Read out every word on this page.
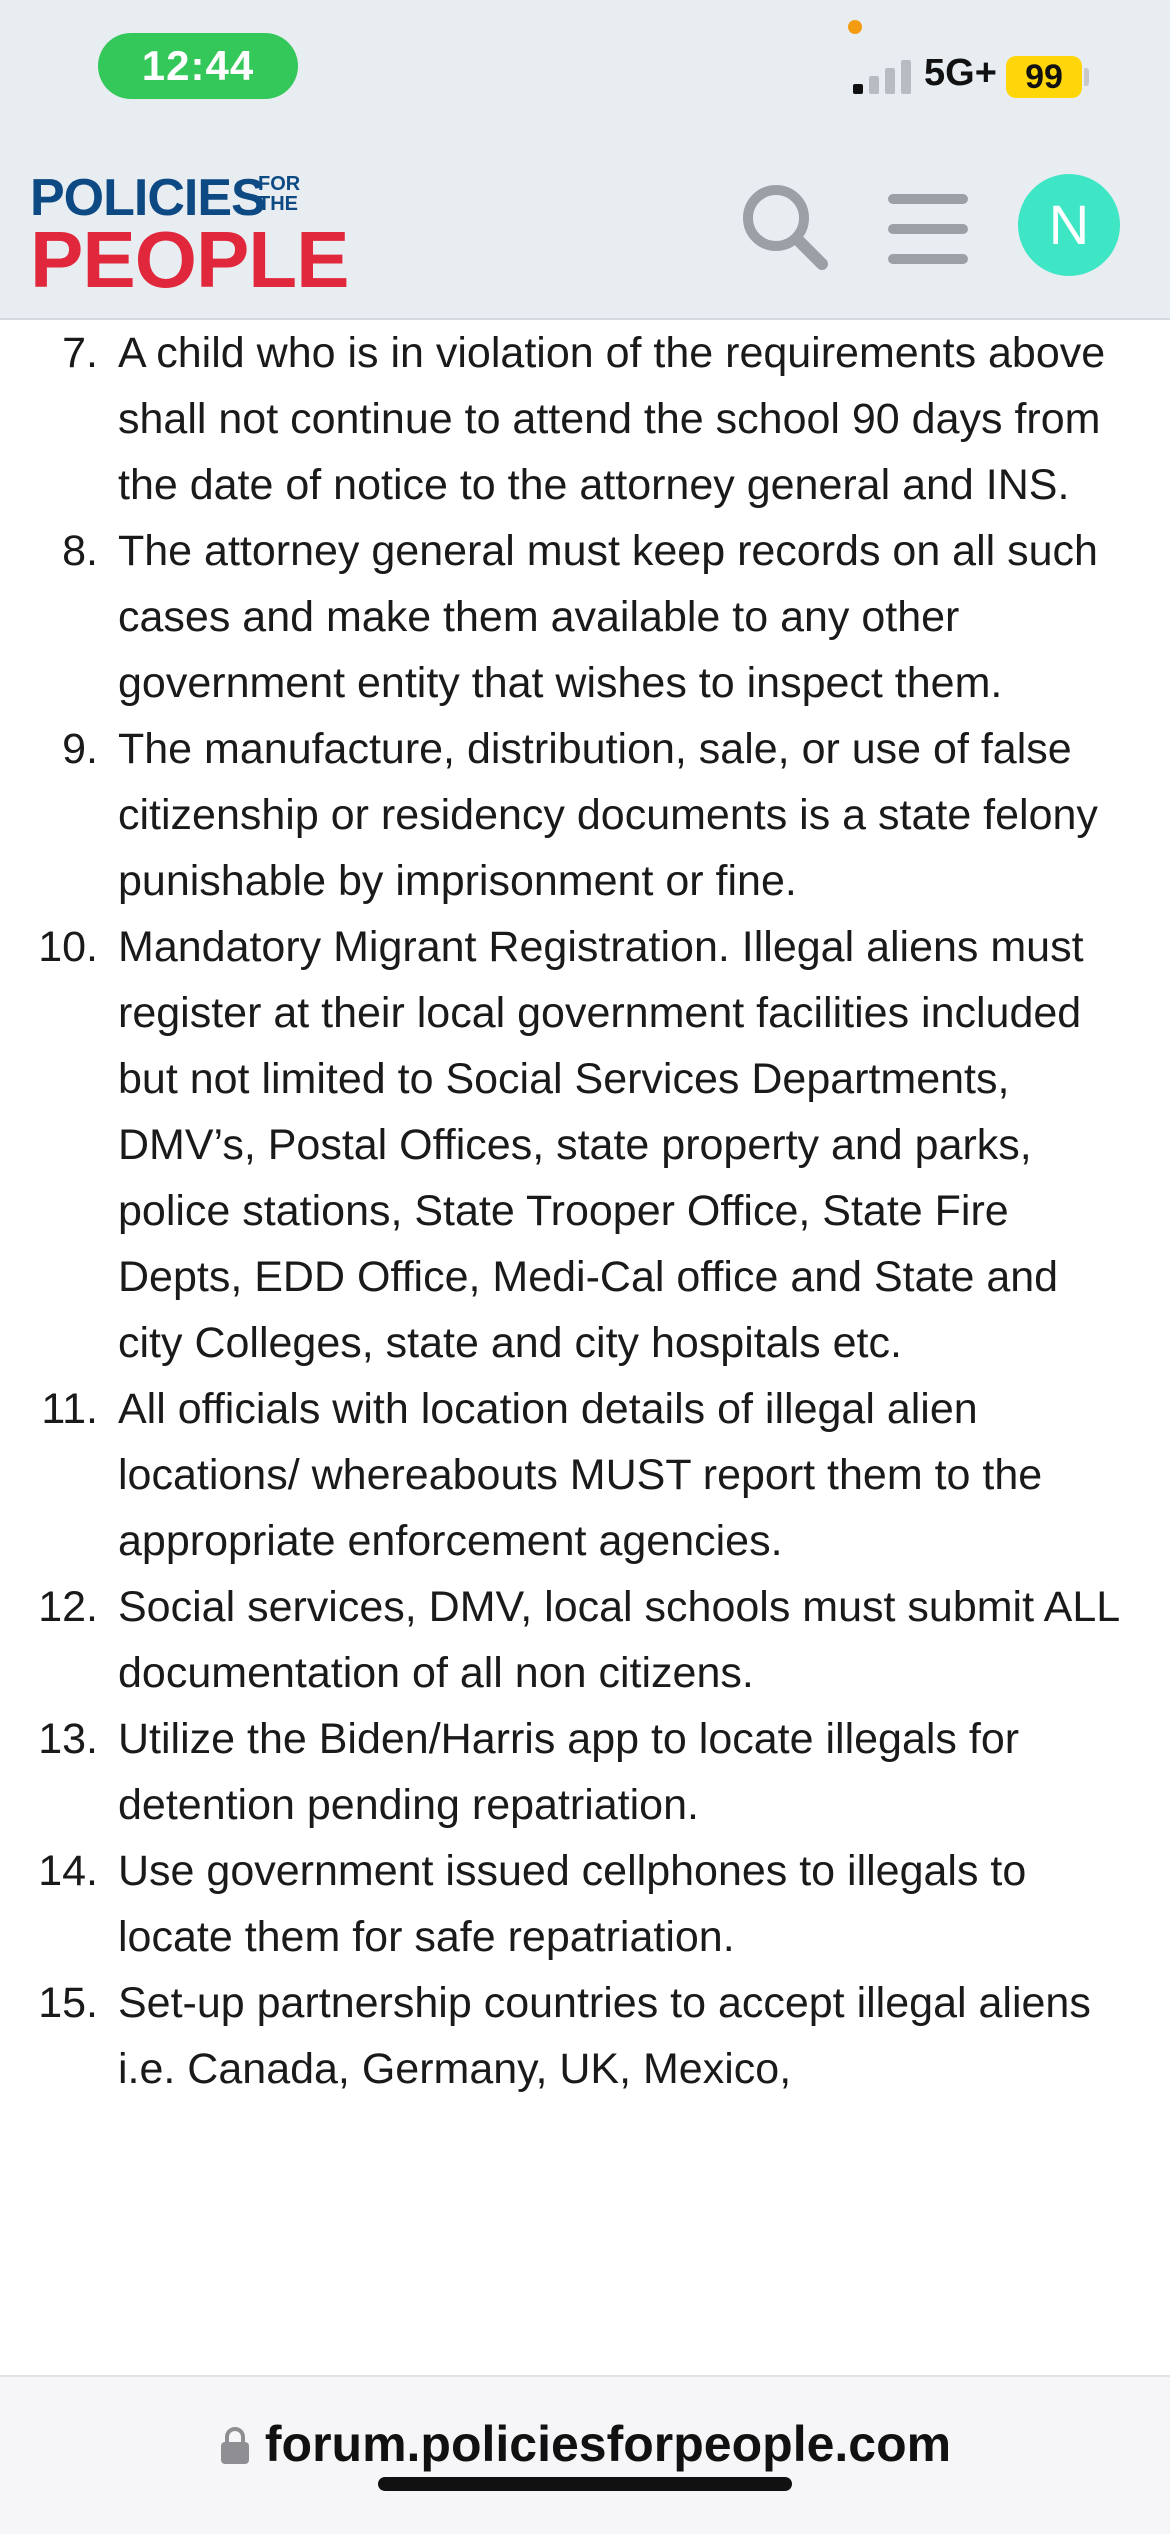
12:44	5G+ 99
POLICIES
FOR THE
PEOPLE	N
7. A child who is in violation of the requirements above shall not continue to attend the school 90 days from the date of notice to the attorney general and INS.
8. The attorney general must keep records on all such cases and make them available to any other government entity that wishes to inspect them.
9. The manufacture, distribution, sale, or use of false citizenship or residency documents is a state felony punishable by imprisonment or fine.
10. Mandatory Migrant Registration. Illegal aliens must register at their local government facilities included but not limited to Social Services Departments, DMV’s, Postal Offices, state property and parks, police stations, State Trooper Office, State Fire Depts, EDD Office, Medi-Cal office and State and city Colleges, state and city hospitals etc.
11. All officials with location details of illegal alien locations/ whereabouts MUST report them to the appropriate enforcement agencies.
12. Social services, DMV, local schools must submit ALL documentation of all non citizens.
13. Utilize the Biden/Harris app to locate illegals for detention pending repatriation.
14. Use government issued cellphones to illegals to locate them for safe repatriation.
15. Set-up partnership countries to accept illegal aliens i.e. Canada, Germany, UK, Mexico,
forum.policiesforpeople.com
